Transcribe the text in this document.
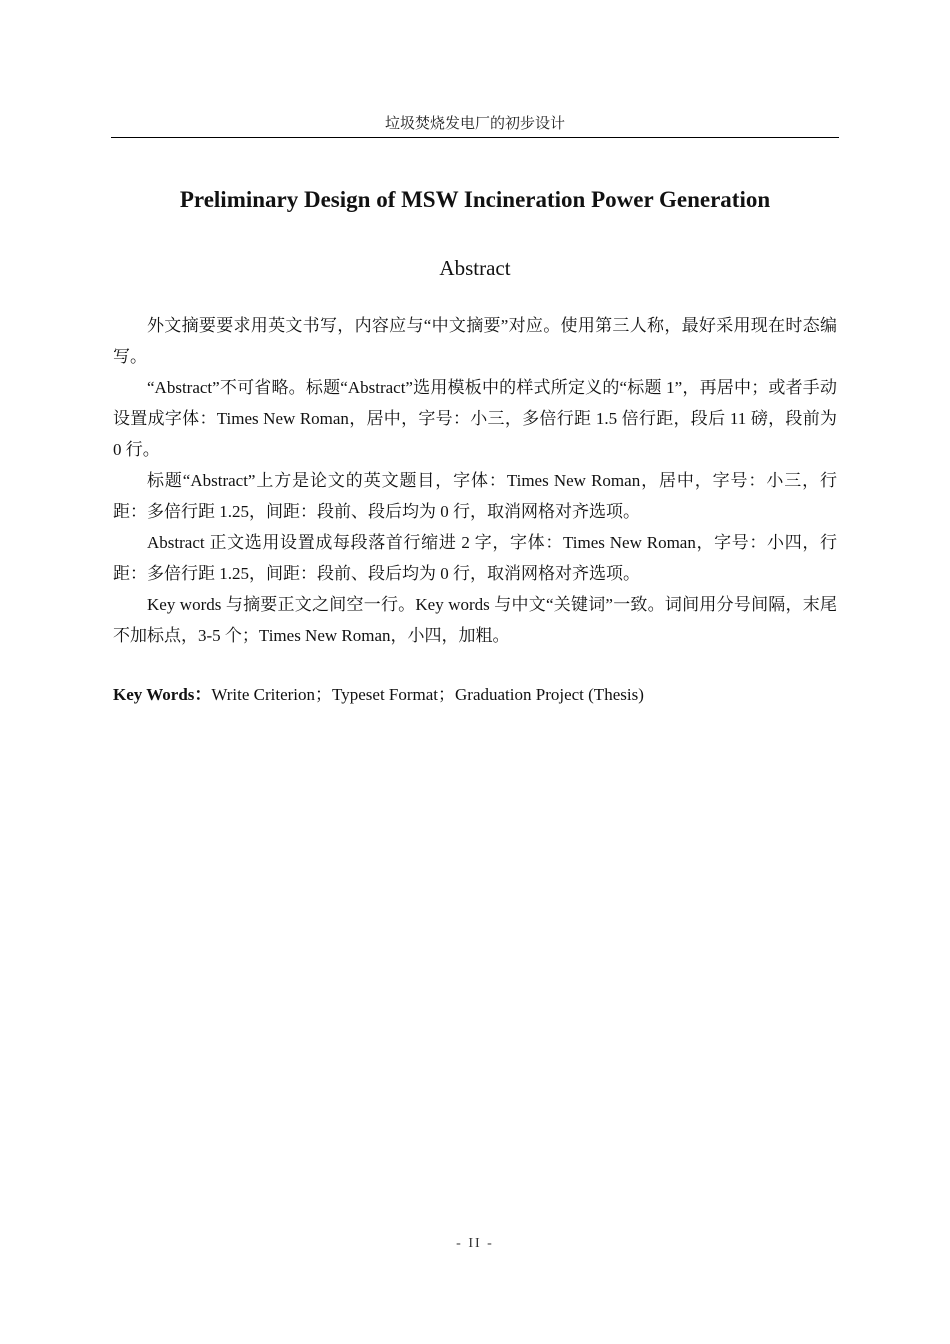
垃圾焚烧发电厂的初步设计
Preliminary Design of MSW Incineration Power Generation
Abstract

外文摘要要求用英文书写，内容应与“中文摘要”对应。使用第三人称，最好采用现在时态编写。

“Abstract”不可省略。标题“Abstract”选用模板中的样式所定义的“标题 1”，再居中；或者手动设置成字体：Times New Roman，居中，字号：小三，多倍行距 1.5 倍行距，段后 11 磅，段前为 0 行。

标题“Abstract”上方是论文的英文题目，字体：Times New Roman，居中，字号：小三，行距：多倍行距 1.25，间距：段前、段后均为 0 行，取消网格对齐选项。

Abstract 正文选用设置成每段落首行缩进 2 字，字体：Times New Roman，字号：小四，行距：多倍行距 1.25，间距：段前、段后均为 0 行，取消网格对齐选项。

Key words 与摘要正文之间空一行。Key words 与中文“关键词”一致。词间用分号间隔，末尾不加标点，3-5 个；Times New Roman，小四，加粗。

Key Words：Write Criterion；Typeset Format；Graduation Project (Thesis)
- II -
